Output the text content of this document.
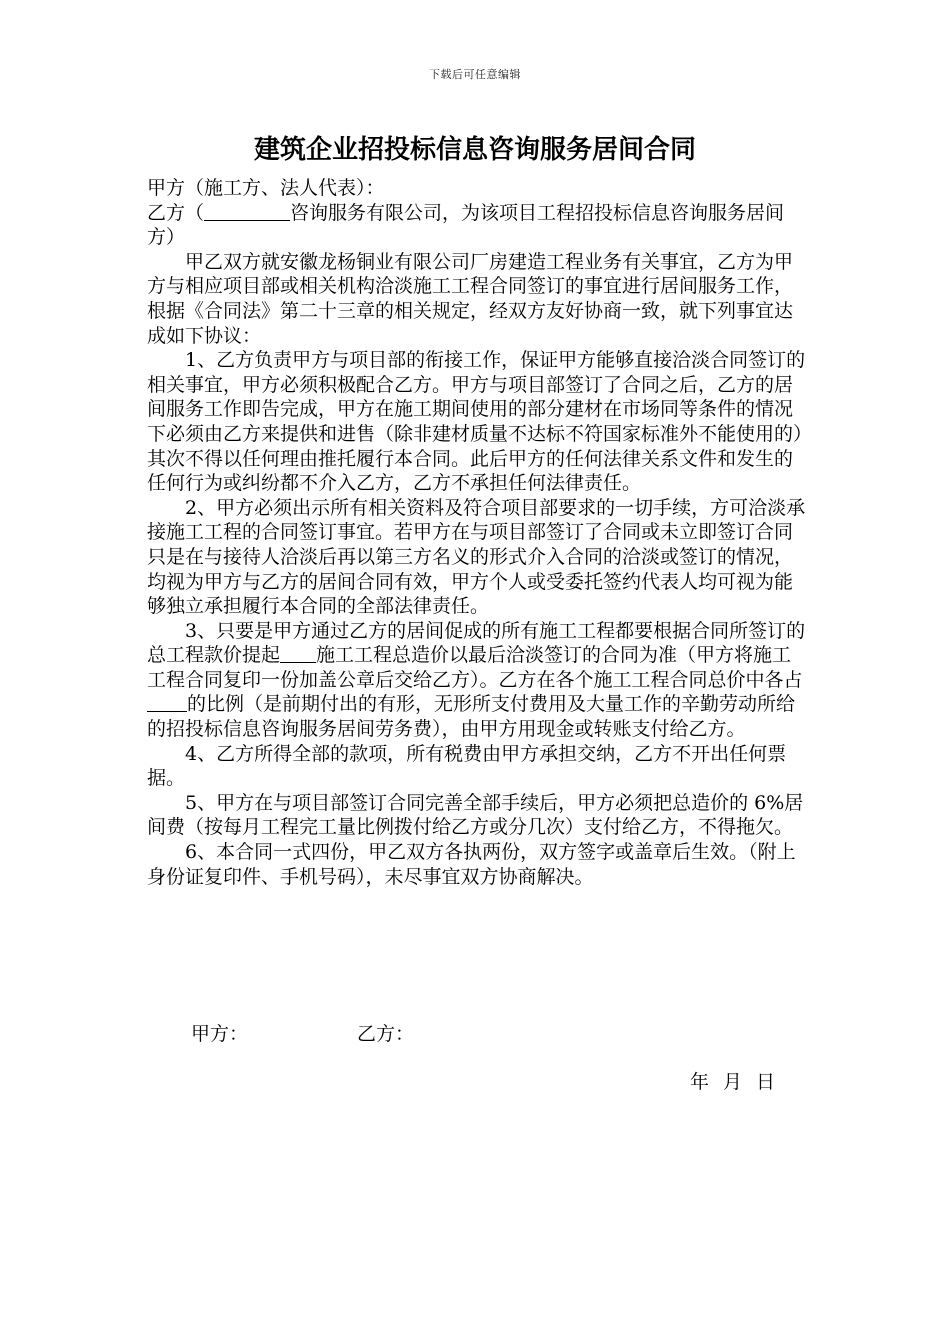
下载后可任意编辑
建筑企业招投标信息咨询服务居间合同

甲方（施工方、法人代表）：

乙方（	咨询服务有限公司，为该项目工程招投标信息咨询服务居间方）

甲乙双方就安徽龙杨铜业有限公司厂房建造工程业务有关事宜，乙方为甲方与相应项目部或相关机构洽淡施工工程合同签订的事宜进行居间服务工作，根据《合同法》第二十三章的相关规定，经双方友好协商一致，就下列事宜达成如下协议：

1、乙方负责甲方与项目部的衔接工作，保证甲方能够直接洽淡合同签订的相关事宜，甲方必须积极配合乙方。甲方与项目部签订了合同之后，乙方的居间服务工作即告完成，甲方在施工期间使用的部分建材在市场同等条件的情况下必须由乙方来提供和进售（除非建材质量不达标不符国家标准外不能使用的）其次不得以任何理由推托履行本合同。此后甲方的任何法律关系文件和发生的任何行为或纠纷都不介入乙方，乙方不承担任何法律责任。

2、甲方必须出示所有相关资料及符合项目部要求的一切手续，方可洽淡承接施工工程的合同签订事宜。若甲方在与项目部签订了合同或未立即签订合同只是在与接待人洽淡后再以第三方名义的形式介入合同的洽淡或签订的情况，均视为甲方与乙方的居间合同有效，甲方个人或受委托签约代表人均可视为能够独立承担履行本合同的全部法律责任。

3、只要是甲方通过乙方的居间促成的所有施工工程都要根据合同所签订的总工程款价提起 施工工程总造价以最后洽淡签订的合同为准（甲方将施工工程合同复印一份加盖公章后交给乙方）。乙方在各个施工工程合同总价中各占的比例（是前期付出的有形，无形所支付费用及大量工作的辛勤劳动所给的招投标信息咨询服务居间劳务费），由甲方用现金或转账支付给乙方。

4、乙方所得全部的款项，所有税费由甲方承担交纳，乙方不开出任何票据。

5、甲方在与项目部签订合同完善全部手续后，甲方必须把总造价的 6%居间费（按每月工程完工量比例拨付给乙方或分几次）支付给乙方，不得拖欠。

6、本合同一式四份，甲乙双方各执两份，双方签字或盖章后生效。（附上身份证复印件、手机号码），未尽事宜双方协商解决。

甲方：	乙方：
年 月 日
